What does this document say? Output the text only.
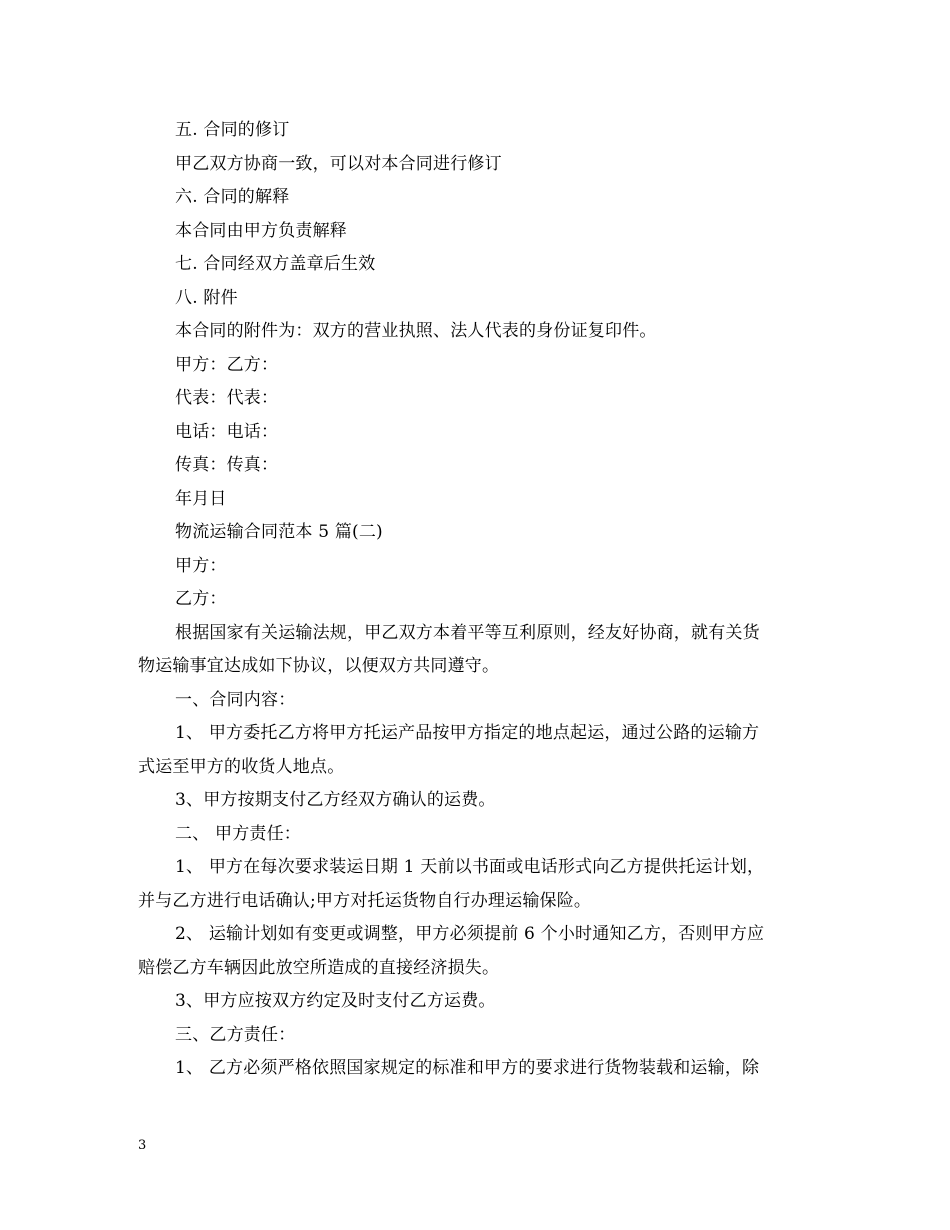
五. 合同的修订
甲乙双方协商一致，可以对本合同进行修订
六. 合同的解释
本合同由甲方负责解释
七. 合同经双方盖章后生效
八. 附件
本合同的附件为：双方的营业执照、法人代表的身份证复印件。
甲方：乙方：
代表：代表：
电话：电话：
传真：传真：
年月日
物流运输合同范本 5 篇(二)
甲方：
乙方：
根据国家有关运输法规，甲乙双方本着平等互利原则，经友好协商，就有关货
物运输事宜达成如下协议，以便双方共同遵守。
一、合同内容：
1、 甲方委托乙方将甲方托运产品按甲方指定的地点起运，通过公路的运输方
式运至甲方的收货人地点。
3、甲方按期支付乙方经双方确认的运费。
二、 甲方责任：
1、 甲方在每次要求装运日期 1 天前以书面或电话形式向乙方提供托运计划，
并与乙方进行电话确认;甲方对托运货物自行办理运输保险。
2、 运输计划如有变更或调整，甲方必须提前 6 个小时通知乙方，否则甲方应
赔偿乙方车辆因此放空所造成的直接经济损失。
3、甲方应按双方约定及时支付乙方运费。
三、乙方责任：
1、 乙方必须严格依照国家规定的标准和甲方的要求进行货物装载和运输，除
3
